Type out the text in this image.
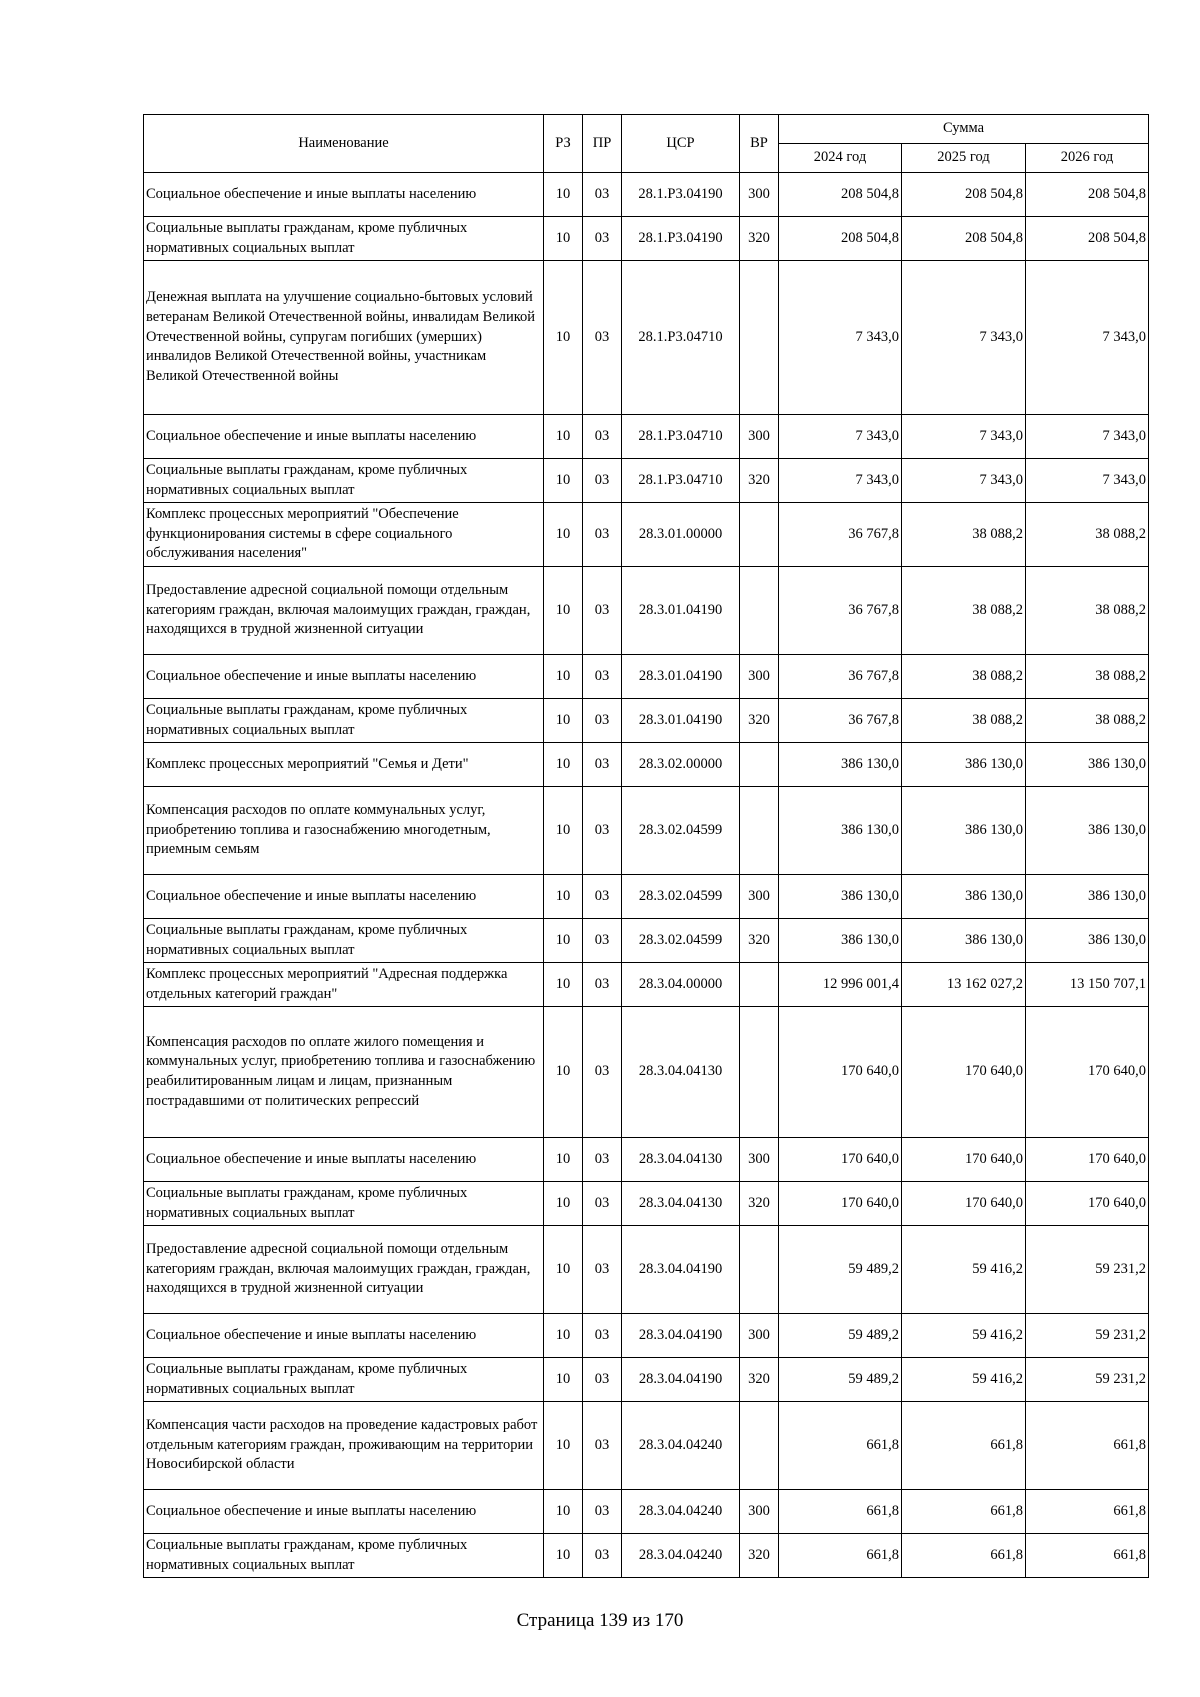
Наименование	РЗ	ПР	ЦСР	ВР	Сумма		
					2024 год	2025 год	2026 год
Социальное обеспечение и иные выплаты населению	10	03	28.1.Р3.04190	300	208 504,8	208 504,8	208 504,8
Социальные выплаты гражданам, кроме публичных нормативных социальных выплат	10	03	28.1.Р3.04190	320	208 504,8	208 504,8	208 504,8
Денежная выплата на улучшение социально-бытовых условий ветеранам Великой Отечественной войны, инвалидам Великой Отечественной войны, супругам погибших (умерших) инвалидов Великой Отечественной войны, участникам Великой Отечественной войны	10	03	28.1.Р3.04710		7 343,0	7 343,0	7 343,0
Социальное обеспечение и иные выплаты населению	10	03	28.1.Р3.04710	300	7 343,0	7 343,0	7 343,0
Социальные выплаты гражданам, кроме публичных нормативных социальных выплат	10	03	28.1.Р3.04710	320	7 343,0	7 343,0	7 343,0
Комплекс процессных мероприятий "Обеспечение функционирования системы в сфере социального обслуживания населения"	10	03	28.3.01.00000		36 767,8	38 088,2	38 088,2
Предоставление адресной социальной помощи отдельным категориям граждан, включая малоимущих граждан, граждан, находящихся в трудной жизненной ситуации	10	03	28.3.01.04190		36 767,8	38 088,2	38 088,2
Социальное обеспечение и иные выплаты населению	10	03	28.3.01.04190	300	36 767,8	38 088,2	38 088,2
Социальные выплаты гражданам, кроме публичных нормативных социальных выплат	10	03	28.3.01.04190	320	36 767,8	38 088,2	38 088,2
Комплекс процессных мероприятий "Семья и Дети"	10	03	28.3.02.00000		386 130,0	386 130,0	386 130,0
Компенсация расходов по оплате коммунальных услуг, приобретению топлива и газоснабжению многодетным, приемным семьям	10	03	28.3.02.04599		386 130,0	386 130,0	386 130,0
Социальное обеспечение и иные выплаты населению	10	03	28.3.02.04599	300	386 130,0	386 130,0	386 130,0
Социальные выплаты гражданам, кроме публичных нормативных социальных выплат	10	03	28.3.02.04599	320	386 130,0	386 130,0	386 130,0
Комплекс процессных мероприятий "Адресная поддержка отдельных категорий граждан"	10	03	28.3.04.00000		12 996 001,4	13 162 027,2	13 150 707,1
Компенсация расходов по оплате жилого помещения и коммунальных услуг, приобретению топлива и газоснабжению реабилитированным лицам и лицам, признанным пострадавшими от политических репрессий	10	03	28.3.04.04130		170 640,0	170 640,0	170 640,0
Социальное обеспечение и иные выплаты населению	10	03	28.3.04.04130	300	170 640,0	170 640,0	170 640,0
Социальные выплаты гражданам, кроме публичных нормативных социальных выплат	10	03	28.3.04.04130	320	170 640,0	170 640,0	170 640,0
Предоставление адресной социальной помощи отдельным категориям граждан, включая малоимущих граждан, граждан, находящихся в трудной жизненной ситуации	10	03	28.3.04.04190		59 489,2	59 416,2	59 231,2
Социальное обеспечение и иные выплаты населению	10	03	28.3.04.04190	300	59 489,2	59 416,2	59 231,2
Социальные выплаты гражданам, кроме публичных нормативных социальных выплат	10	03	28.3.04.04190	320	59 489,2	59 416,2	59 231,2
Компенсация части расходов на проведение кадастровых работ отдельным категориям граждан, проживающим на территории Новосибирской области	10	03	28.3.04.04240		661,8	661,8	661,8
Социальное обеспечение и иные выплаты населению	10	03	28.3.04.04240	300	661,8	661,8	661,8
Социальные выплаты гражданам, кроме публичных нормативных социальных выплат	10	03	28.3.04.04240	320	661,8	661,8	661,8
Страница 139 из 170
